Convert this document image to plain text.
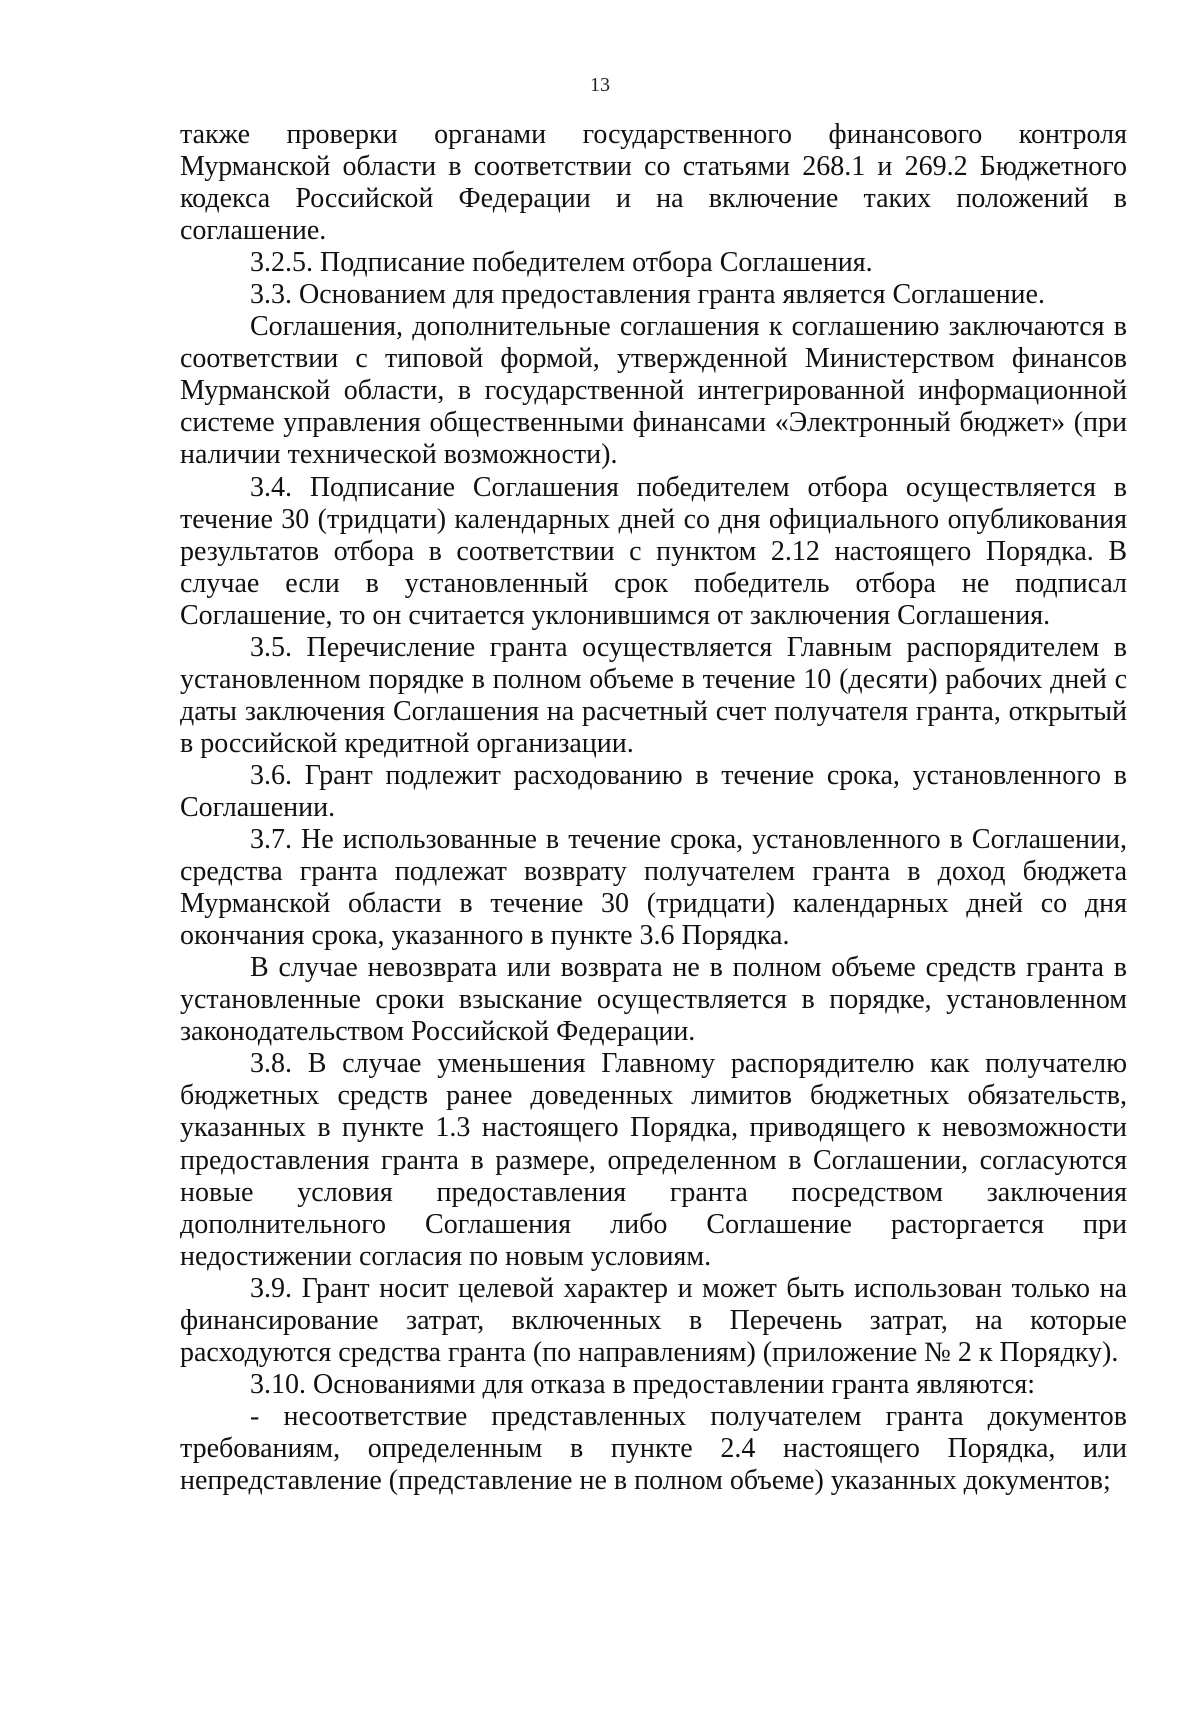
13

также проверки органами государственного финансового контроля Мурманской области в соответствии со статьями 268.1 и 269.2 Бюджетного кодекса Российской Федерации и на включение таких положений в соглашение.

3.2.5. Подписание победителем отбора Соглашения.

3.3. Основанием для предоставления гранта является Соглашение.

Соглашения, дополнительные соглашения к соглашению заключаются в соответствии с типовой формой, утвержденной Министерством финансов Мурманской области, в государственной интегрированной информационной системе управления общественными финансами «Электронный бюджет» (при наличии технической возможности).

3.4. Подписание Соглашения победителем отбора осуществляется в течение 30 (тридцати) календарных дней со дня официального опубликования результатов отбора в соответствии с пунктом 2.12 настоящего Порядка. В случае если в установленный срок победитель отбора не подписал Соглашение, то он считается уклонившимся от заключения Соглашения.

3.5. Перечисление гранта осуществляется Главным распорядителем в установленном порядке в полном объеме в течение 10 (десяти) рабочих дней с даты заключения Соглашения на расчетный счет получателя гранта, открытый в российской кредитной организации.

3.6. Грант подлежит расходованию в течение срока, установленного в Соглашении.

3.7. Не использованные в течение срока, установленного в Соглашении, средства гранта подлежат возврату получателем гранта в доход бюджета Мурманской области в течение 30 (тридцати) календарных дней со дня окончания срока, указанного в пункте 3.6 Порядка.

В случае невозврата или возврата не в полном объеме средств гранта в установленные сроки взыскание осуществляется в порядке, установленном законодательством Российской Федерации.

3.8. В случае уменьшения Главному распорядителю как получателю бюджетных средств ранее доведенных лимитов бюджетных обязательств, указанных в пункте 1.3 настоящего Порядка, приводящего к невозможности предоставления гранта в размере, определенном в Соглашении, согласуются новые условия предоставления гранта посредством заключения дополнительного Соглашения либо Соглашение расторгается при недостижении согласия по новым условиям.

3.9. Грант носит целевой характер и может быть использован только на финансирование затрат, включенных в Перечень затрат, на которые расходуются средства гранта (по направлениям) (приложение № 2 к Порядку).

3.10. Основаниями для отказа в предоставлении гранта являются:

- несоответствие представленных получателем гранта документов требованиям, определенным в пункте 2.4 настоящего Порядка, или непредставление (представление не в полном объеме) указанных документов;
